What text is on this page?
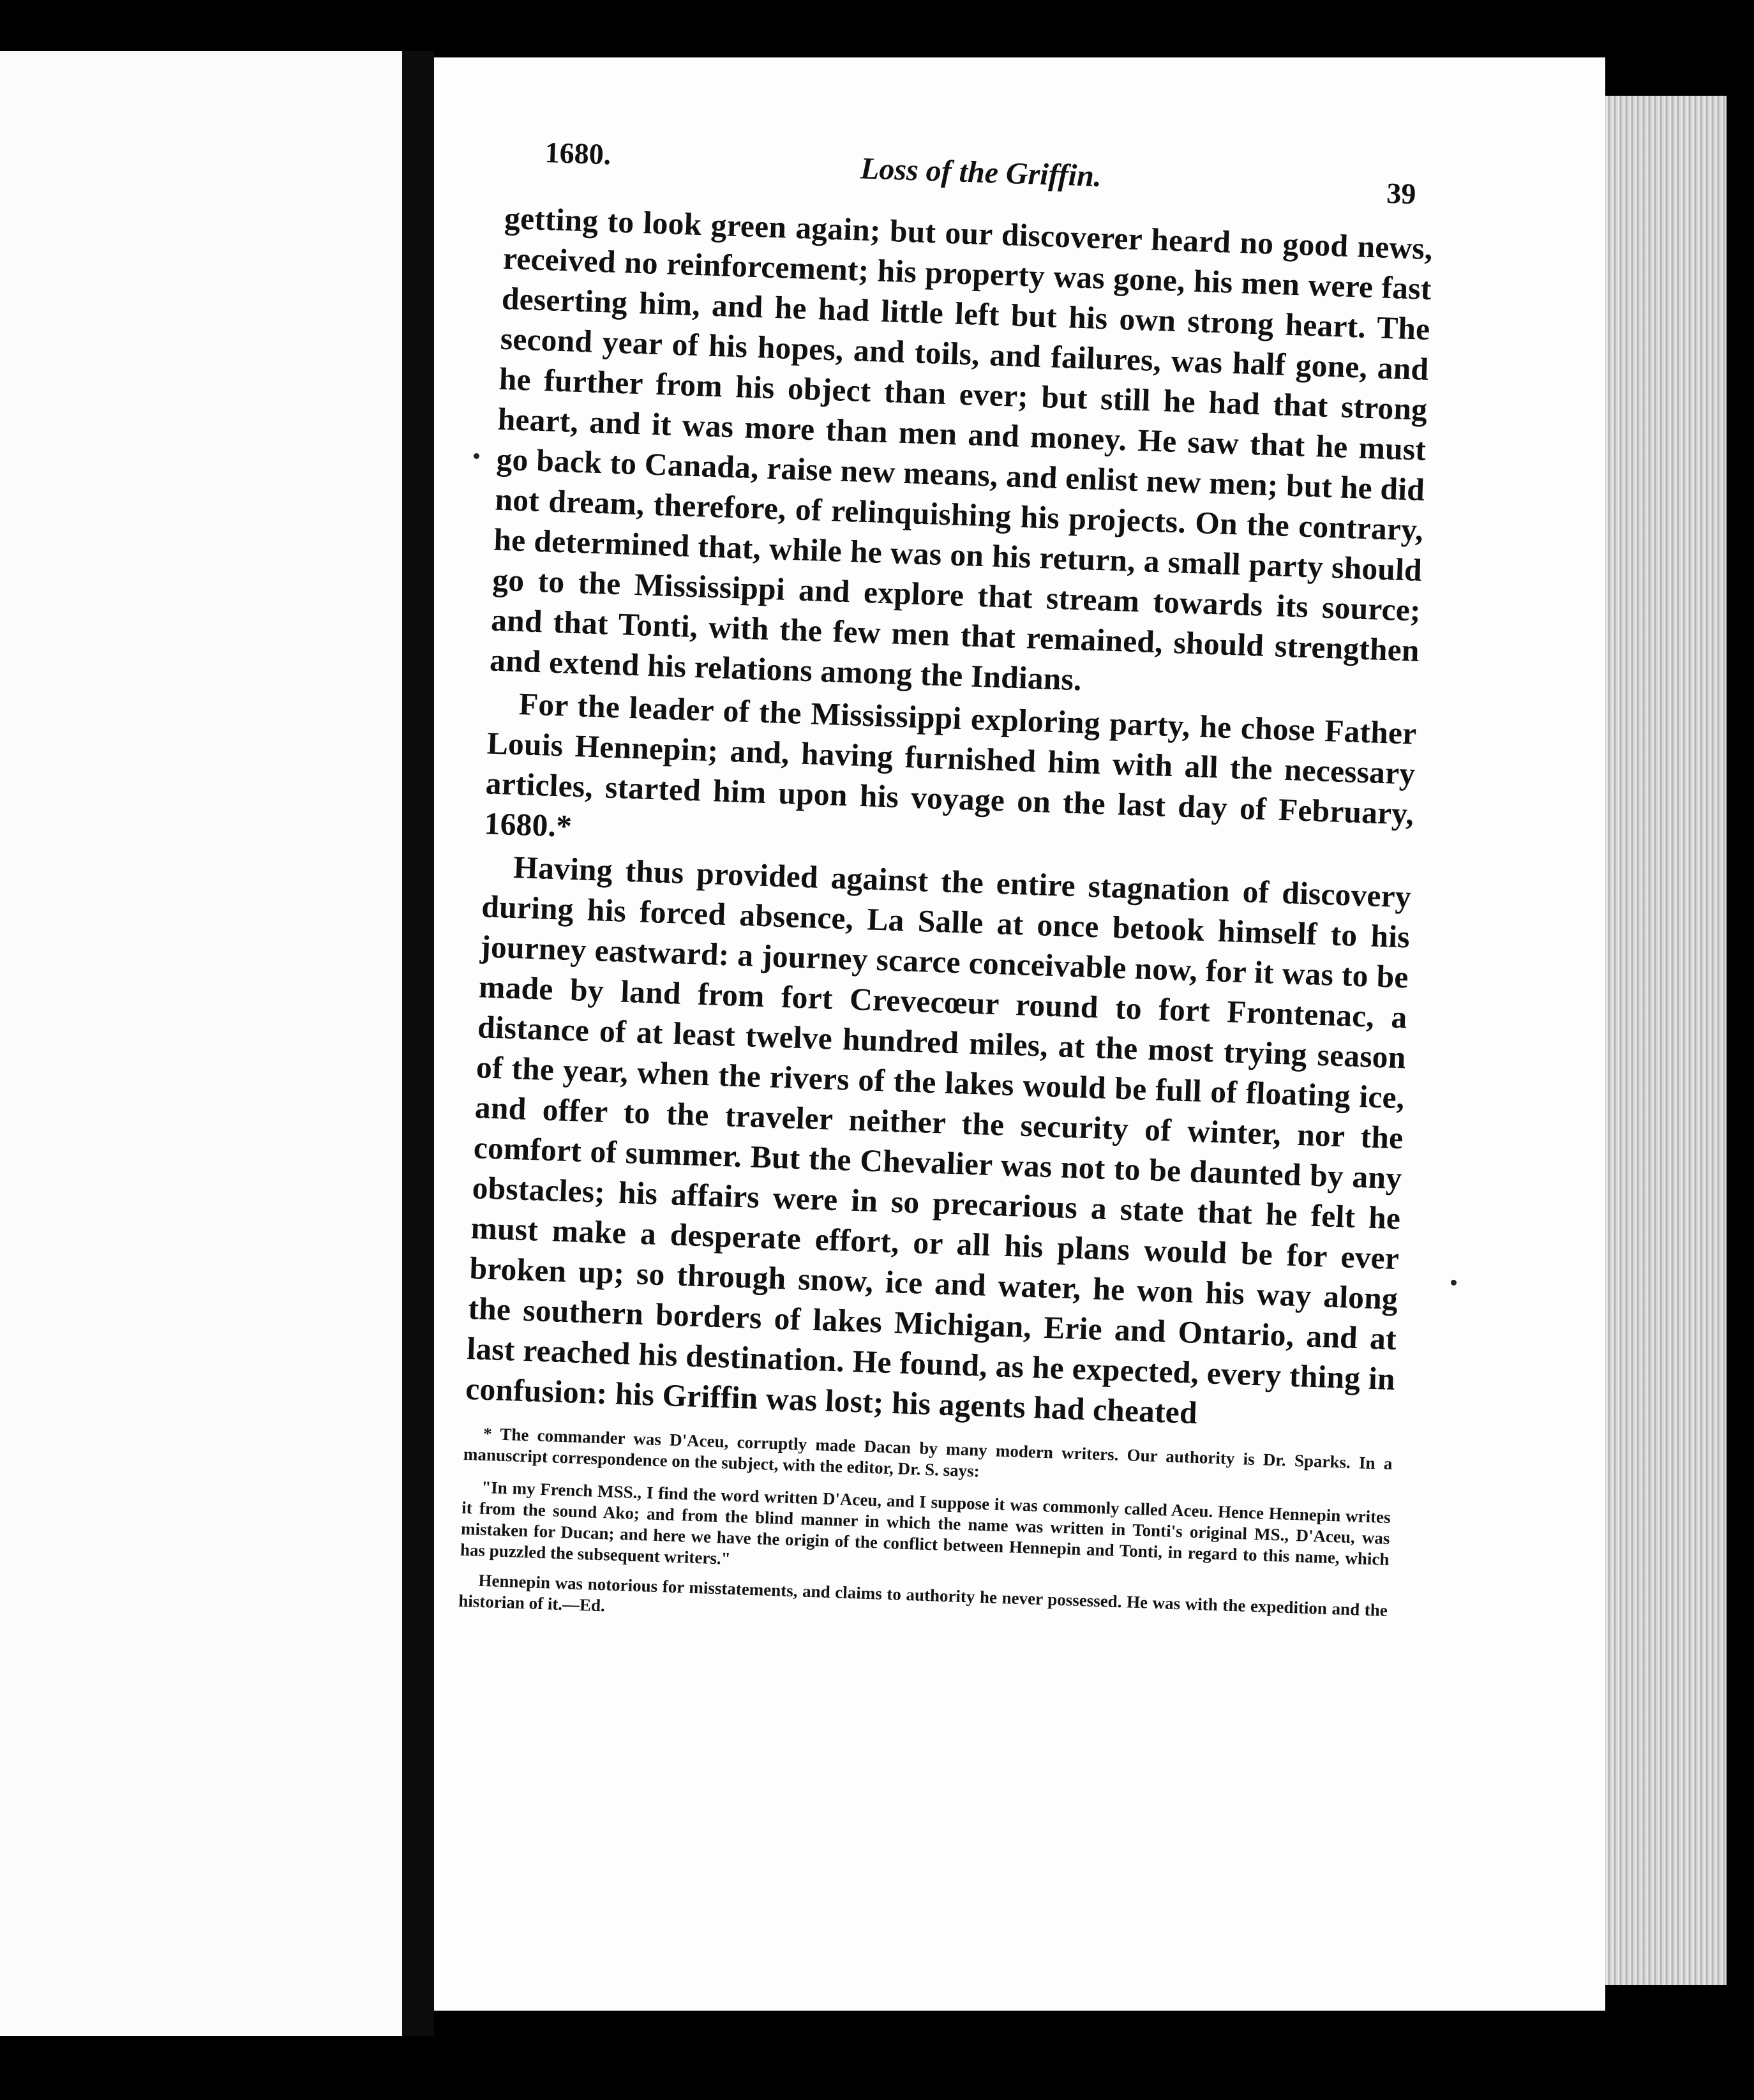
1680.	Loss of the Griffin.
39

getting to look green again; but our discoverer heard no good news, received no reinforcement; his property was gone, his men were fast deserting him, and he had little left but his own strong heart. The second year of his hopes, and toils, and failures, was half gone, and he further from his object than ever; but still he had that strong heart, and it was more than men and money. He saw that he must go back to Canada, raise new means, and enlist new men; but he did not dream, therefore, of relinquishing his projects. On the contrary, he determined that, while he was on his return, a small party should go to the Mississippi and explore that stream towards its source; and that Tonti, with the few men that remained, should strengthen and extend his relations among the Indians.

For the leader of the Mississippi exploring party, he chose Father Louis Hennepin; and, having furnished him with all the necessary articles, started him upon his voyage on the last day of February, 1680.*

Having thus provided against the entire stagnation of discovery during his forced absence, La Salle at once betook himself to his journey eastward: a journey scarce conceivable now, for it was to be made by land from fort Crevecœur round to fort Frontenac, a distance of at least twelve hundred miles, at the most trying season of the year, when the rivers of the lakes would be full of floating ice, and offer to the traveler neither the security of winter, nor the comfort of summer. But the Chevalier was not to be daunted by any obstacles; his affairs were in so precarious a state that he felt he must make a desperate effort, or all his plans would be for ever broken up; so through snow, ice and water, he won his way along the southern borders of lakes Michigan, Erie and Ontario, and at last reached his destination. He found, as he expected, every thing in confusion: his Griffin was lost; his agents had cheated

* The commander was D'Aceu, corruptly made Dacan by many modern writers. Our authority is Dr. Sparks. In a manuscript correspondence on the subject, with the editor, Dr. S. says:

"In my French MSS., I find the word written D'Aceu, and I suppose it was commonly called Aceu. Hence Hennepin writes it from the sound Ako; and from the blind manner in which the name was written in Tonti's original MS., D'Aceu, was mistaken for Ducan; and here we have the origin of the conflict between Hennepin and Tonti, in regard to this name, which has puzzled the subsequent writers."

Hennepin was notorious for misstatements, and claims to authority he never possessed. He was with the expedition and the historian of it.—Ed.
